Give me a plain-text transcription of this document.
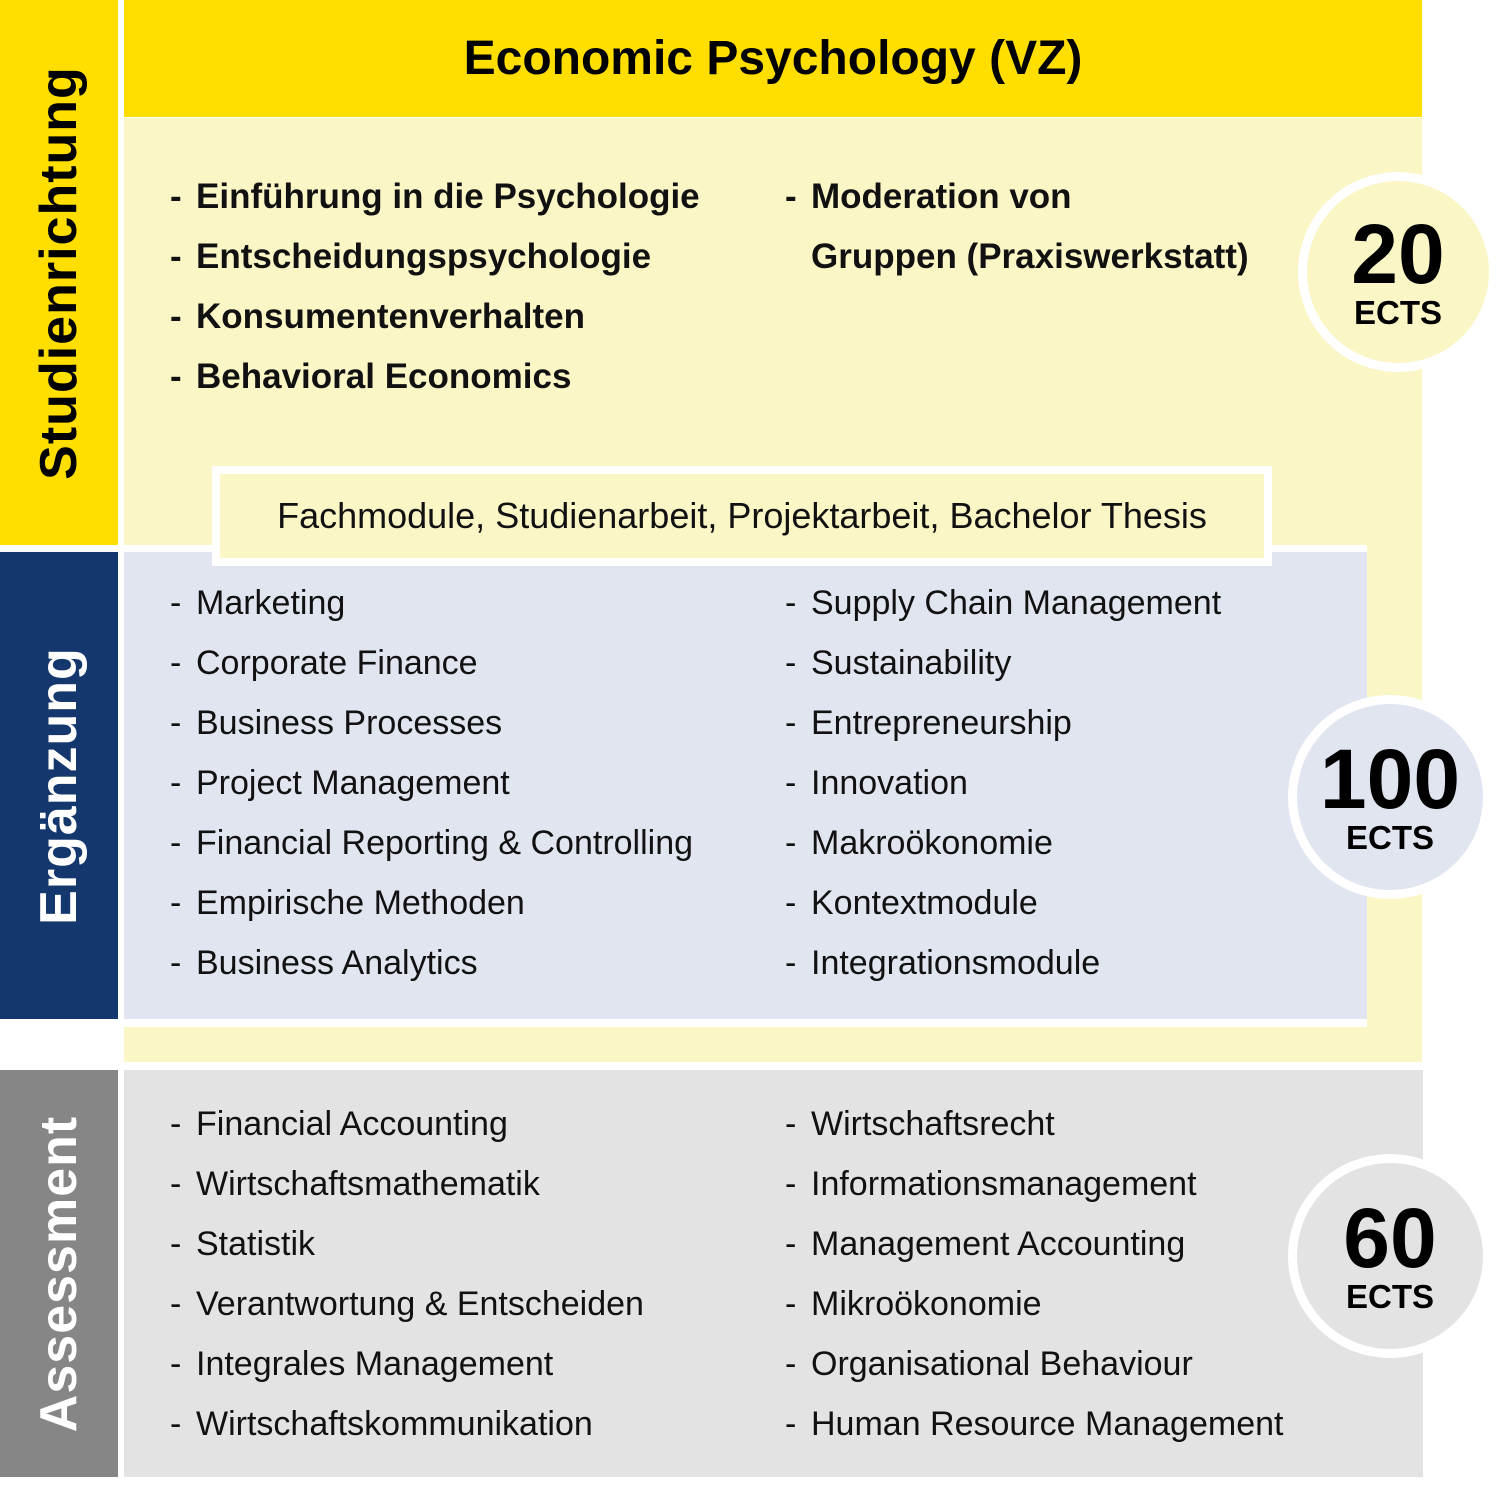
Studienrichtung
Ergänzung
Assessment
Economic Psychology (VZ)
Fachmodule, Studienarbeit, Projektarbeit, Bachelor Thesis
- Einführung in die Psychologie
- Entscheidungspsychologie
- Konsumentenverhalten
- Behavioral Economics
- Moderation von
Gruppen (Praxiswerkstatt)
- Marketing
- Corporate Finance
- Business Processes
- Project Management
- Financial Reporting & Controlling
- Empirische Methoden
- Business Analytics
- Supply Chain Management
- Sustainability
- Entrepreneurship
- Innovation
- Makroökonomie
- Kontextmodule
- Integrationsmodule
- Financial Accounting
- Wirtschaftsmathematik
- Statistik
- Verantwortung & Entscheiden
- Integrales Management
- Wirtschaftskommunikation
- Wirtschaftsrecht
- Informationsmanagement
- Management Accounting
- Mikroökonomie
- Organisational Behaviour
- Human Resource Management
20
ECTS
100
ECTS
60
ECTS
